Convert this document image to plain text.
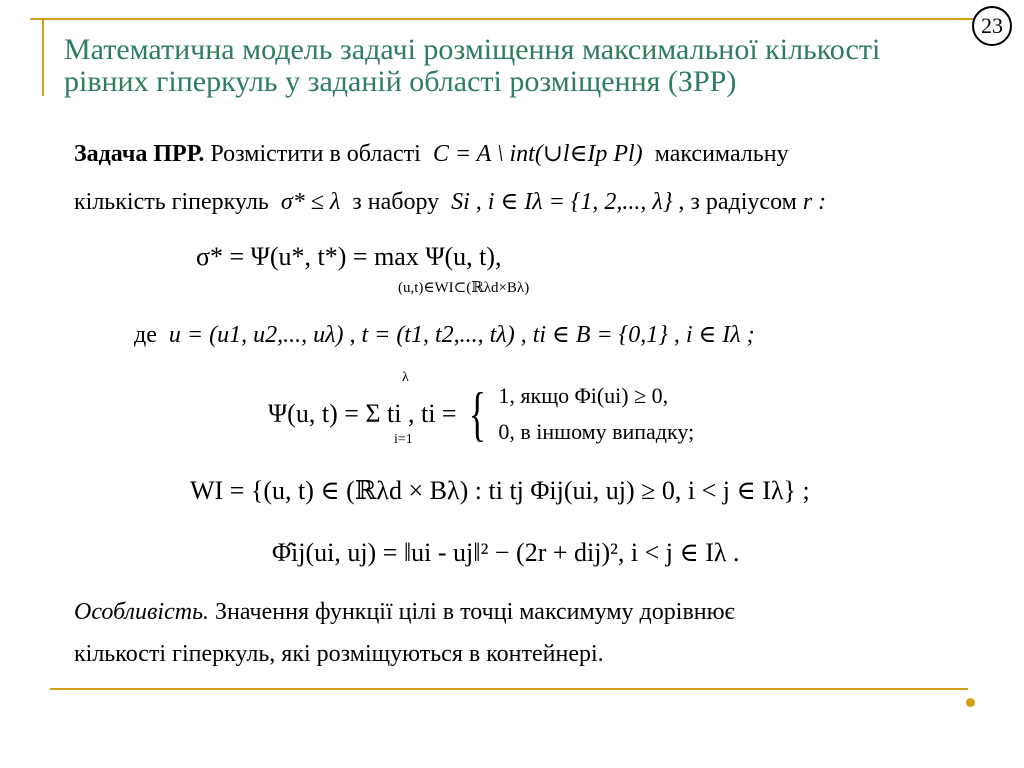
23
Математична модель задачі розміщення максимальної кількості рівних гіперкуль у заданій області розміщення (ЗРР)
Задача ПРР. Розмістити в області C = A \ int(∪l∈Ip Pl) максимальну
кількість гіперкуль σ* ≤ λ з набору Si , i ∈ Iλ = {1, 2,..., λ} , з радіусом r :
σ* = Ψ(u*, t*) = max Ψ(u, t),
(u,t)∈WI⊂(ℝλd×Bλ)
де u = (u1, u2,..., uλ) , t = (t1, t2,..., tλ) , ti ∈ B = {0,1} , i ∈ Iλ ;
λ
i=1
Ψ(u, t) = Σ ti , ti = { 1, якщо Φi(ui) ≥ 0,
0, в іншому випадку;
WI = {(u, t) ∈ (ℝλd × Bλ) : ti tj Φij(ui, uj) ≥ 0, i < j ∈ Iλ} ;
Φ̂ij(ui, uj) = ‖ui - uj‖² − (2r + dij)², i < j ∈ Iλ .
Особливість. Значення функції цілі в точці максимуму дорівнює
кількості гіперкуль, які розміщуються в контейнері.
